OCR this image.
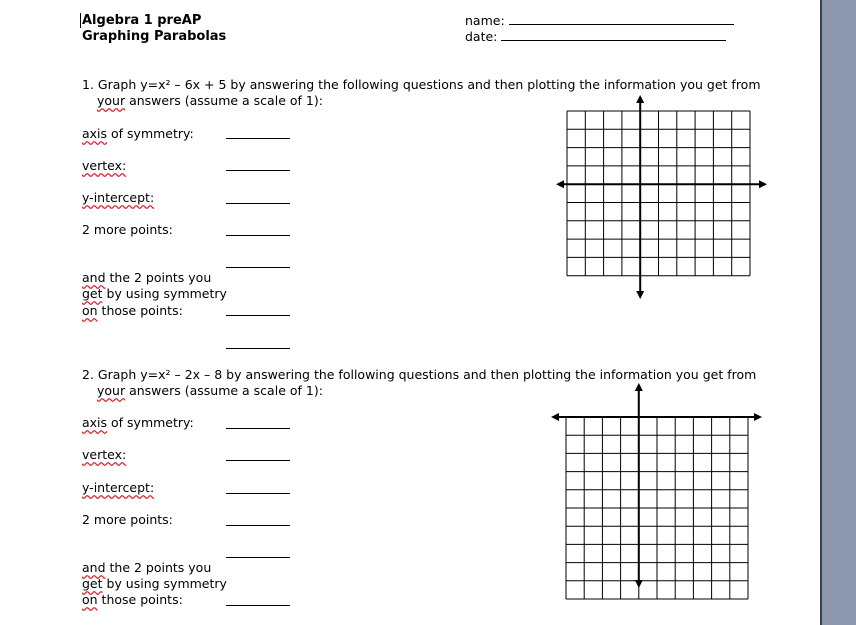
Algebra 1 preAP
Graphing Parabolas
name:
date:
1. Graph y=x² – 6x + 5 by answering the following questions and then plotting the information you get from
your answers (assume a scale of 1):
axis of symmetry:
vertex:
y-intercept:
2 more points:
and the 2 points you
get by using symmetry
on those points:
2. Graph y=x² – 2x – 8 by answering the following questions and then plotting the information you get from
your answers (assume a scale of 1):
axis of symmetry:
vertex:
y-intercept:
2 more points:
and the 2 points you
get by using symmetry
on those points:
